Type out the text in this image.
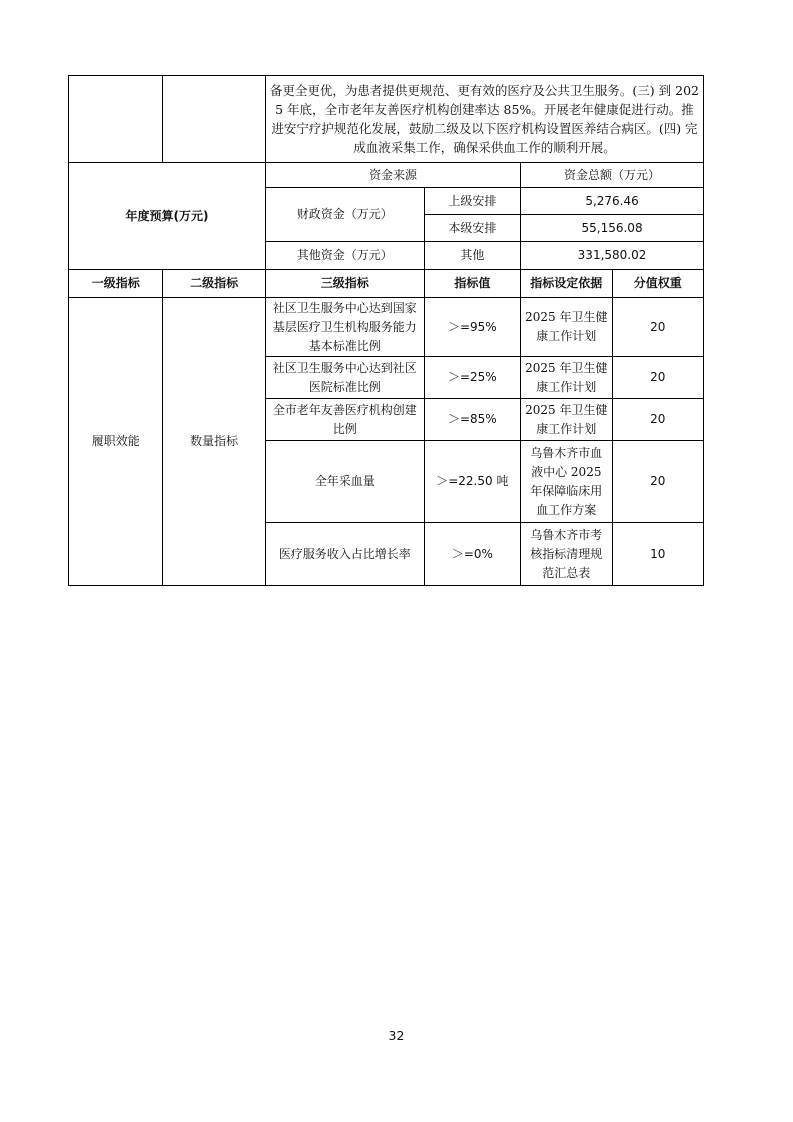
		备更全更优，为患者提供更规范、更有效的医疗及公共卫生服务。(三) 到 2025 年底，全市老年友善医疗机构创建率达 85%。开展老年健康促进行动。推进安宁疗护规范化发展，鼓励二级及以下医疗机构设置医养结合病区。(四) 完成血液采集工作，确保采供血工作的顺利开展。			
年度预算(万元)		资金来源		资金总额（万元）	
		财政资金（万元）	上级安排	5,276.46	
			本级安排	55,156.08	
		其他资金（万元）	其他	331,580.02	
一级指标	二级指标	三级指标	指标值	指标设定依据	分值权重
履职效能	数量指标	社区卫生服务中心达到国家基层医疗卫生机构服务能力基本标准比例	＞=95%	2025 年卫生健康工作计划	20
		社区卫生服务中心达到社区医院标准比例	＞=25%	2025 年卫生健康工作计划	20
		全市老年友善医疗机构创建比例	＞=85%	2025 年卫生健康工作计划	20
		全年采血量	＞=22.50 吨	乌鲁木齐市血液中心 2025 年保障临床用血工作方案	20
		医疗服务收入占比增长率	＞=0%	乌鲁木齐市考核指标清理规范汇总表	10
32
